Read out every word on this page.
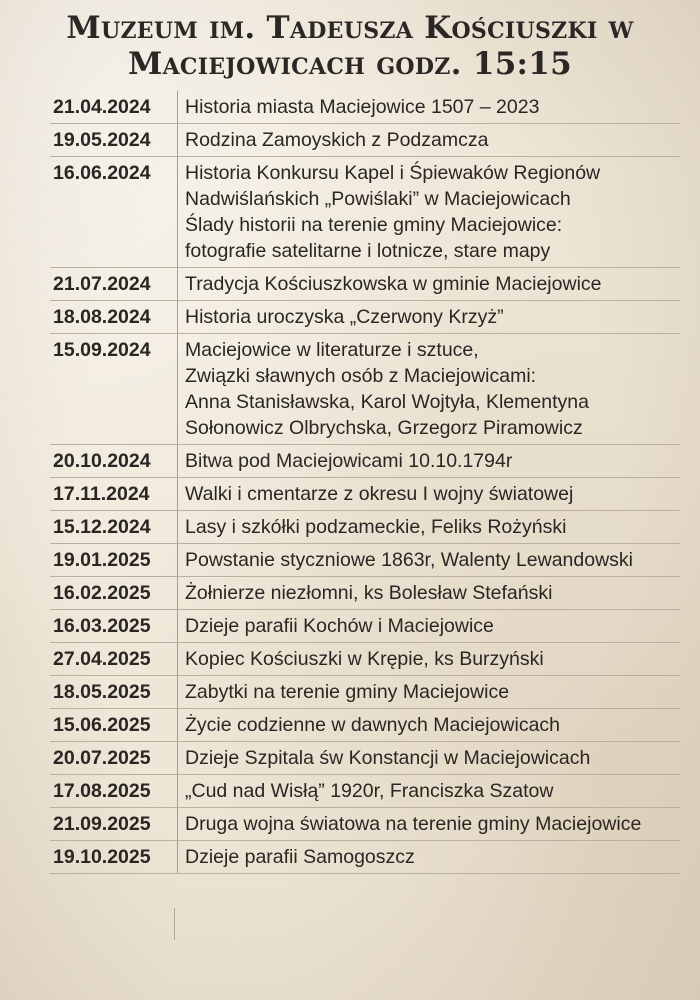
Muzeum im. Tadeusza Kościuszki w
Maciejowicach godz. 15:15
21.04.2024	Historia miasta Maciejowice 1507 – 2023
19.05.2024	Rodzina Zamoyskich z Podzamcza
16.06.2024	Historia Konkursu Kapel i Śpiewaków Regionów
Nadwiślańskich „Powiślaki” w Maciejowicach
Ślady historii na terenie gminy Maciejowice:
fotografie satelitarne i lotnicze, stare mapy
21.07.2024	Tradycja Kościuszkowska w gminie Maciejowice
18.08.2024	Historia uroczyska „Czerwony Krzyż”
15.09.2024	Maciejowice w literaturze i sztuce,
Związki sławnych osób z Maciejowicami:
Anna Stanisławska, Karol Wojtyła, Klementyna
Sołonowicz Olbrychska, Grzegorz Piramowicz
20.10.2024	Bitwa pod Maciejowicami 10.10.1794r
17.11.2024	Walki i cmentarze z okresu I wojny światowej
15.12.2024	Lasy i szkółki podzameckie, Feliks Rożyński
19.01.2025	Powstanie styczniowe 1863r, Walenty Lewandowski
16.02.2025	Żołnierze niezłomni, ks Bolesław Stefański
16.03.2025	Dzieje parafii Kochów i Maciejowice
27.04.2025	Kopiec Kościuszki w Krępie, ks Burzyński
18.05.2025	Zabytki na terenie gminy Maciejowice
15.06.2025	Życie codzienne w dawnych Maciejowicach
20.07.2025	Dzieje Szpitala św Konstancji w Maciejowicach
17.08.2025	„Cud nad Wisłą” 1920r, Franciszka Szatow
21.09.2025	Druga wojna światowa na terenie gminy Maciejowice
19.10.2025	Dzieje parafii Samogoszcz
